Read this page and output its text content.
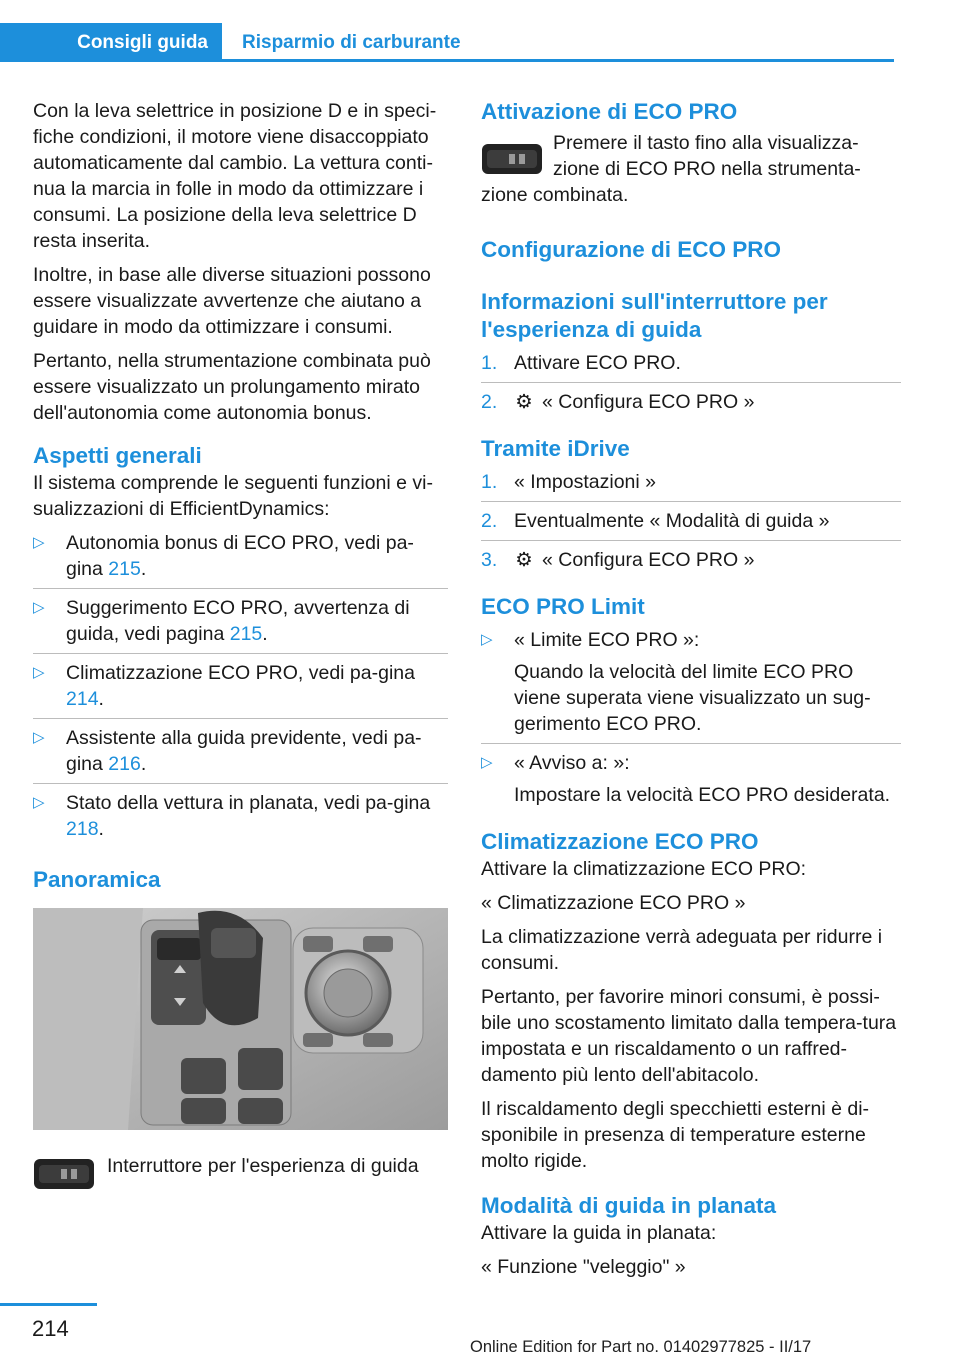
Consigli guida	Risparmio di carburante

Con la leva selettrice in posizione D e in speci-fiche condizioni, il motore viene disaccoppiato automaticamente dal cambio. La vettura conti-nua la marcia in folle in modo da ottimizzare i consumi. La posizione della leva selettrice D resta inserita.

Inoltre, in base alle diverse situazioni possono essere visualizzate avvertenze che aiutano a guidare in modo da ottimizzare i consumi.

Pertanto, nella strumentazione combinata può essere visualizzato un prolungamento mirato dell'autonomia come autonomia bonus.

Aspetti generali

Il sistema comprende le seguenti funzioni e vi-sualizzazioni di EfficientDynamics:

▷ Autonomia bonus di ECO PRO, vedi pa-gina 215.
▷ Suggerimento ECO PRO, avvertenza di guida, vedi pagina 215.
▷ Climatizzazione ECO PRO, vedi pa-gina 214.
▷ Assistente alla guida previdente, vedi pa-gina 216.
▷ Stato della vettura in planata, vedi pa-gina 218.
Panoramica
Interruttore per l'esperienza di guida
Attivazione di ECO PRO
Premere il tasto fino alla visualizza-zione di ECO PRO nella strumenta-zione combinata.
Configurazione di ECO PRO
Informazioni sull'interruttore per l'esperienza di guida
1. Attivare ECO PRO.
2. ⚙ « Configura ECO PRO »
Tramite iDrive
1. « Impostazioni »
2. Eventualmente « Modalità di guida »
3. ⚙ « Configura ECO PRO »
ECO PRO Limit
▷ « Limite ECO PRO »:
Quando la velocità del limite ECO PRO viene superata viene visualizzato un sug-gerimento ECO PRO.
▷ « Avviso a: »:
Impostare la velocità ECO PRO desiderata.
Climatizzazione ECO PRO

Attivare la climatizzazione ECO PRO:

« Climatizzazione ECO PRO »

La climatizzazione verrà adeguata per ridurre i consumi.

Pertanto, per favorire minori consumi, è possi-bile uno scostamento limitato dalla tempera-tura impostata e un riscaldamento o un raffred-damento più lento dell'abitacolo.

Il riscaldamento degli specchietti esterni è di-sponibile in presenza di temperature esterne molto rigide.

Modalità di guida in planata

Attivare la guida in planata:

« Funzione "veleggio" »

214
Online Edition for Part no. 01402977825 - II/17
